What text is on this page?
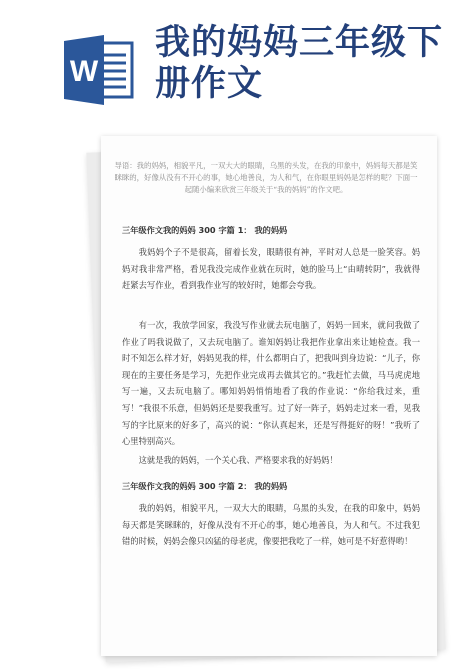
W
我的妈妈三年级下
册作文
导语：我的妈妈，相貌平凡，一双大大的眼睛，乌黑的头发，在我的印象中，妈妈每天都是笑眯眯的，好像从没有不开心的事，她心地善良，为人和气，在你眼里妈妈是怎样的呢？下面一起随小编来欣赏三年级关于“我的妈妈”的作文吧。
三年级作文我的妈妈 300 字篇 1： 我的妈妈
我妈妈个子不是很高，留着长发，眼睛很有神，平时对人总是一脸笑容。妈妈对我非常严格，看见我没完成作业就在玩时，她的脸马上“由晴转阴”，我就得赶紧去写作业，看到我作业写的较好时，她都会夸我。
有一次，我放学回家，我没写作业就去玩电脑了，妈妈一回来，就问我做了作业了吗我说做了，又去玩电脑了。谁知妈妈让我把作业拿出来让她检查。我一时不知怎么样才好，妈妈见我的样，什么都明白了，把我叫到身边说：“儿子，你现在的主要任务是学习，先把作业完成再去做其它的。”我赶忙去做，马马虎虎地写一遍，又去玩电脑了。哪知妈妈悄悄地看了我的作业说：“你给我过来，重写！”我很不乐意，但妈妈还是要我重写。过了好一阵子，妈妈走过来一看，见我写的字比原来的好多了，高兴的说：“你认真起来，还是写得挺好的呀！”我听了心里特别高兴。
这就是我的妈妈，一个关心我、严格要求我的好妈妈！
三年级作文我的妈妈 300 字篇 2： 我的妈妈
我的妈妈，相貌平凡，一双大大的眼睛，乌黑的头发，在我的印象中，妈妈每天都是笑眯眯的，好像从没有不开心的事，她心地善良，为人和气。不过我犯错的时候，妈妈会像只凶猛的母老虎，像要把我吃了一样，她可是不好惹得哟！
